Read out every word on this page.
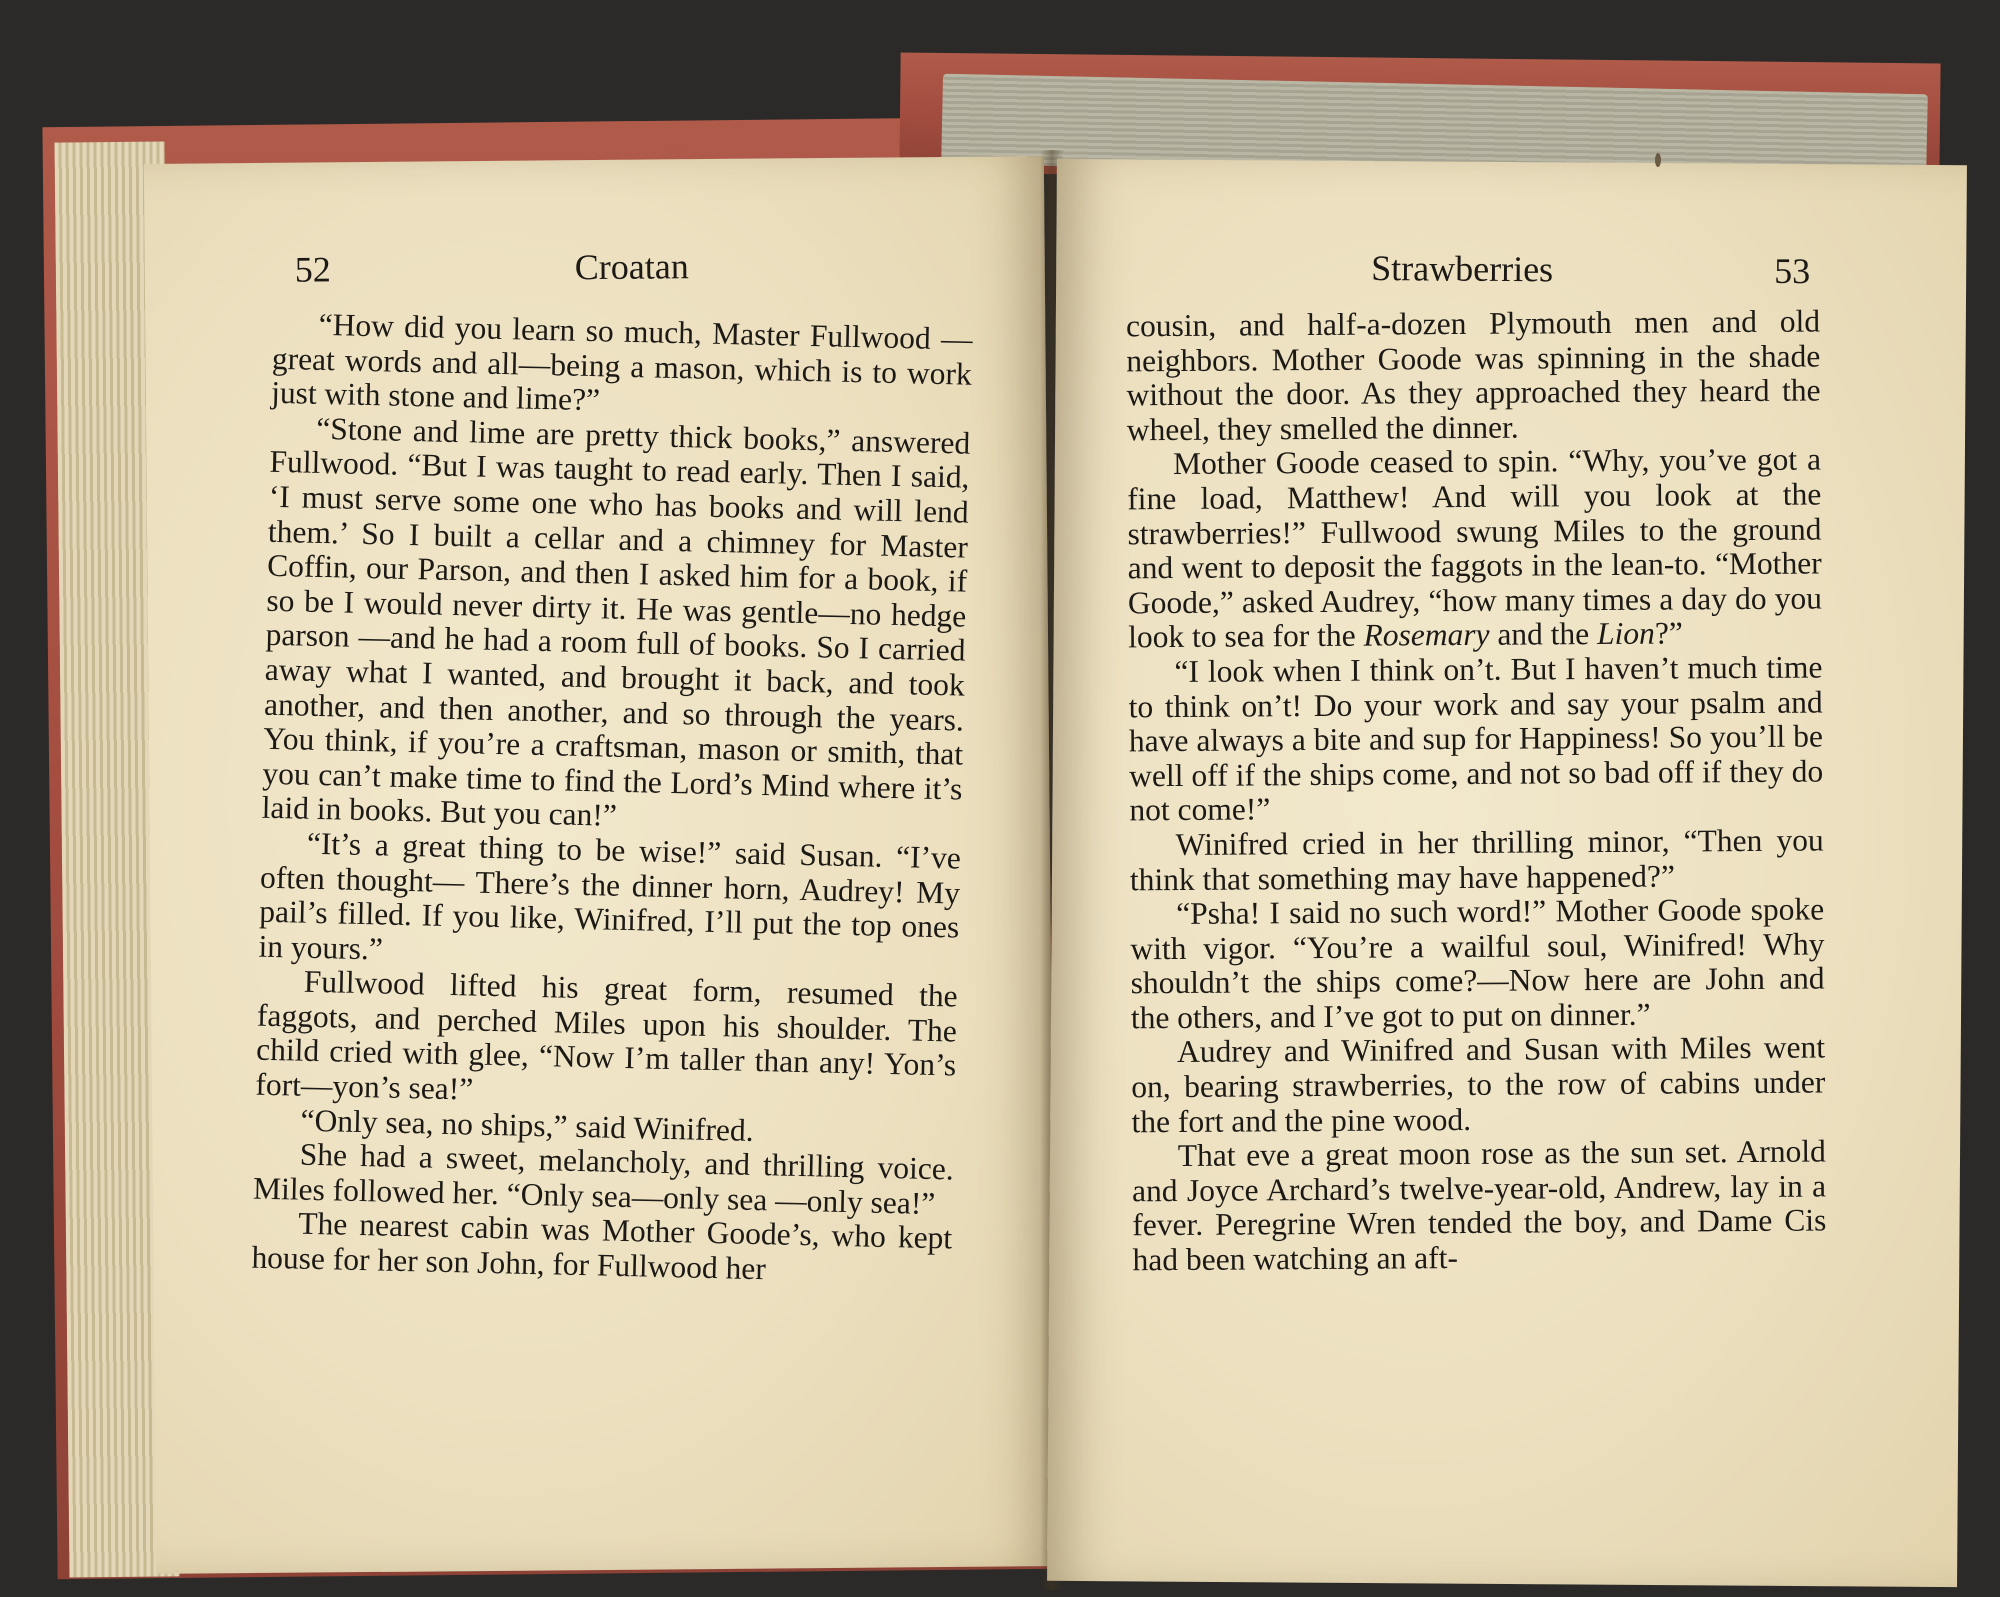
52	Croatan

“How did you learn so much, Master Fullwood —great words and all—being a mason, which is to work just with stone and lime?”

“Stone and lime are pretty thick books,” answered Fullwood. “But I was taught to read early. Then I said, ‘I must serve some one who has books and will lend them.’ So I built a cellar and a chimney for Master Coffin, our Parson, and then I asked him for a book, if so be I would never dirty it. He was gentle—no hedge parson —and he had a room full of books. So I carried away what I wanted, and brought it back, and took another, and then another, and so through the years. You think, if you’re a craftsman, mason or smith, that you can’t make time to find the Lord’s Mind where it’s laid in books. But you can!”

“It’s a great thing to be wise!” said Susan. “I’ve often thought— There’s the dinner horn, Audrey! My pail’s filled. If you like, Winifred, I’ll put the top ones in yours.”

Fullwood lifted his great form, resumed the faggots, and perched Miles upon his shoulder. The child cried with glee, “Now I’m taller than any! Yon’s fort—yon’s sea!”

“Only sea, no ships,” said Winifred.

She had a sweet, melancholy, and thrilling voice. Miles followed her. “Only sea—only sea —only sea!”

The nearest cabin was Mother Goode’s, who kept house for her son John, for Fullwood her

Strawberries	53

cousin, and half-a-dozen Plymouth men and old neighbors. Mother Goode was spinning in the shade without the door. As they approached they heard the wheel, they smelled the dinner.

Mother Goode ceased to spin. “Why, you’ve got a fine load, Matthew! And will you look at the strawberries!” Fullwood swung Miles to the ground and went to deposit the faggots in the lean-to. “Mother Goode,” asked Audrey, “how many times a day do you look to sea for the Rosemary and the Lion?”

“I look when I think on’t. But I haven’t much time to think on’t! Do your work and say your psalm and have always a bite and sup for Happiness! So you’ll be well off if the ships come, and not so bad off if they do not come!”

Winifred cried in her thrilling minor, “Then you think that something may have happened?”

“Psha! I said no such word!” Mother Goode spoke with vigor. “You’re a wailful soul, Winifred! Why shouldn’t the ships come?—Now here are John and the others, and I’ve got to put on dinner.”

Audrey and Winifred and Susan with Miles went on, bearing strawberries, to the row of cabins under the fort and the pine wood.

That eve a great moon rose as the sun set. Arnold and Joyce Archard’s twelve-year-old, Andrew, lay in a fever. Peregrine Wren tended the boy, and Dame Cis had been watching an aft-
